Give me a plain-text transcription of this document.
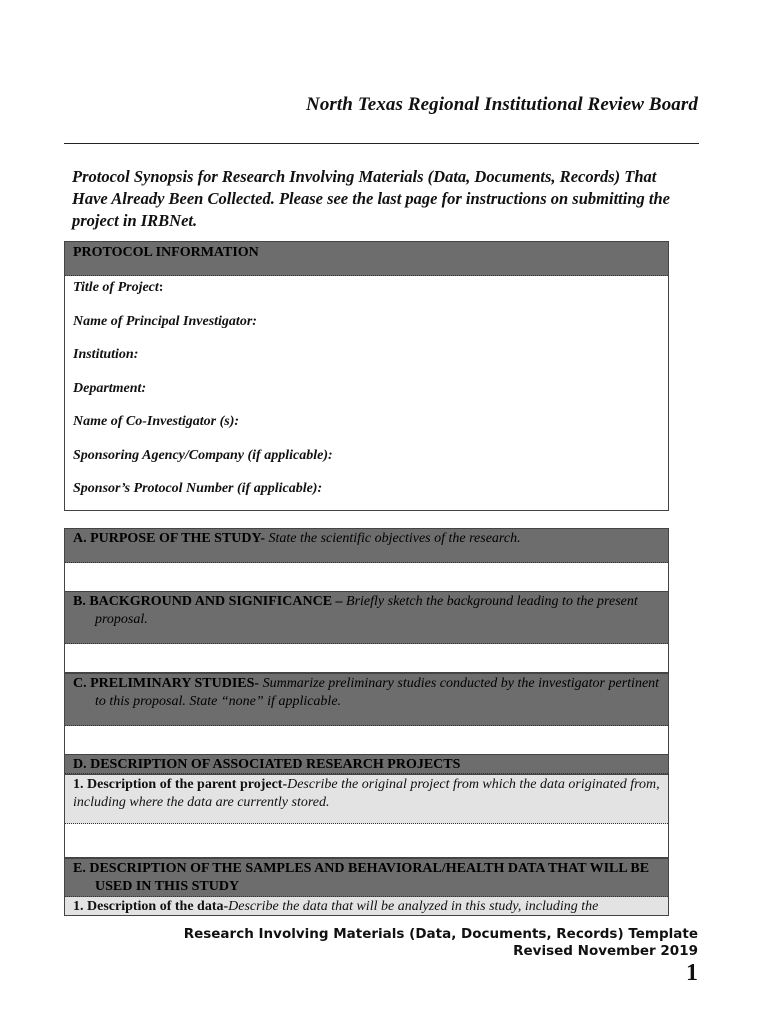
North Texas Regional Institutional Review Board
Protocol Synopsis for Research Involving Materials (Data, Documents, Records) That Have Already Been Collected. Please see the last page for instructions on submitting the project in IRBNet.
PROTOCOL INFORMATION
Title of Project:
Name of Principal Investigator:
Institution:
Department:
Name of Co-Investigator (s):
Sponsoring Agency/Company (if applicable):
Sponsor’s Protocol Number (if applicable):
A. PURPOSE OF THE STUDY- State the scientific objectives of the research.
B. BACKGROUND AND SIGNIFICANCE – Briefly sketch the background leading to the present proposal.
C. PRELIMINARY STUDIES- Summarize preliminary studies conducted by the investigator pertinent to this proposal. State “none” if applicable.
D. DESCRIPTION OF ASSOCIATED RESEARCH PROJECTS
1. Description of the parent project-Describe the original project from which the data originated from, including where the data are currently stored.
E. DESCRIPTION OF THE SAMPLES AND BEHAVIORAL/HEALTH DATA THAT WILL BE USED IN THIS STUDY
1. Description of the data-Describe the data that will be analyzed in this study, including the
Research Involving Materials (Data, Documents, Records) Template
Revised November 2019
1
